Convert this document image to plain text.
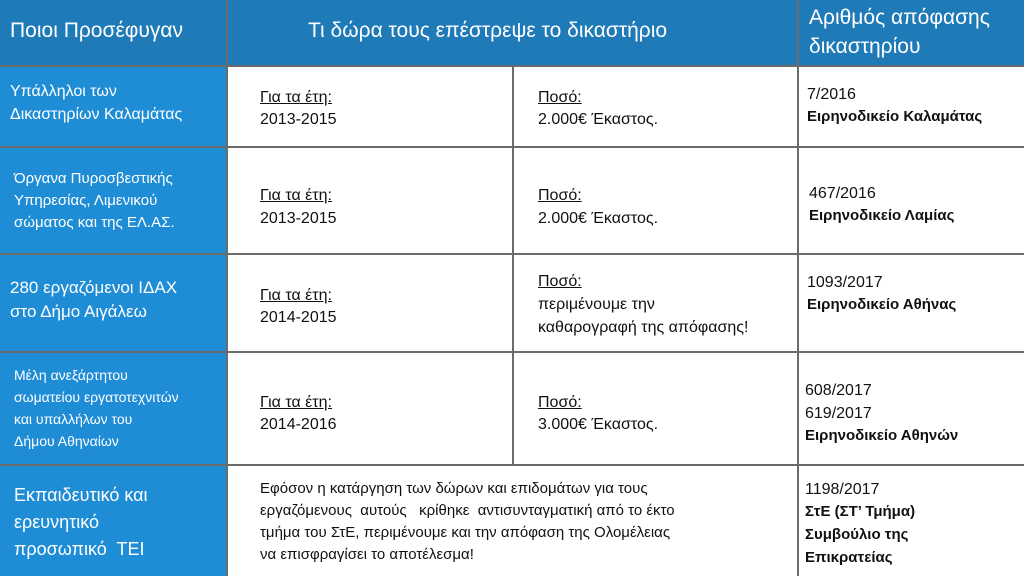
Ποιοι Προσέφυγαν	Τι δώρα τους επέστρεψε το δικαστήριο
Αριθμός απόφασης
δικαστηρίου
Υπάλληλοι των
Δικαστηρίων Καλαμάτας
Για τα έτη:
2013-2015
Ποσό:
2.000€ Έκαστος.
7/2016
Ειρηνοδικείο Καλαμάτας
Όργανα Πυροσβεστικής
Υπηρεσίας, Λιμενικού
σώματος και της ΕΛ.ΑΣ.
Για τα έτη:
2013-2015
Ποσό:
2.000€ Έκαστος.
467/2016
Ειρηνοδικείο Λαμίας
280 εργαζόμενοι ΙΔΑΧ
στο Δήμο Αιγάλεω
Για τα έτη:
2014-2015
Ποσό:
περιμένουμε την
καθαρογραφή της απόφασης!
1093/2017
Ειρηνοδικείο Αθήνας
Μέλη ανεξάρτητου
σωματείου εργατοτεχνιτών
και υπαλλήλων του
Δήμου Αθηναίων
Για τα έτη:
2014-2016
Ποσό:
3.000€ Έκαστος.
608/2017
619/2017
Ειρηνοδικείο Αθηνών
Εκπαιδευτικό και
ερευνητικό
προσωπικό  ΤΕΙ
Εφόσον η κατάργηση των δώρων και επιδομάτων για τους
εργαζόμενους  αυτούς   κρίθηκε  αντισυνταγματική από το έκτο
τμήμα του ΣτΕ, περιμένουμε και την απόφαση της Ολομέλειας
να επισφραγίσει το αποτέλεσμα!
1198/2017
ΣτΕ (ΣΤ’ Τμήμα)
Συμβούλιο της
Επικρατείας
